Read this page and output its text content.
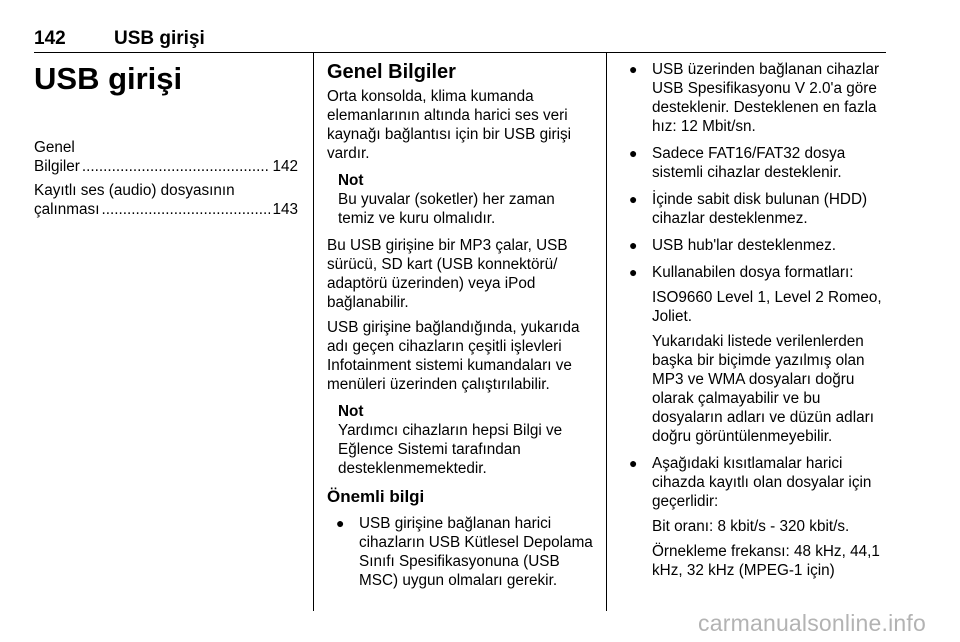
142	USB girişi
USB girişi
Genel Bilgiler .....	142
Kayıtlı ses (audio) dosyasının
çalınması .....	143
Genel Bilgiler

Orta konsolda, klima kumanda elemanlarının altında harici ses veri kaynağı bağlantısı için bir USB girişi vardır.

Not
Bu yuvalar (soketler) her zaman temiz ve kuru olmalıdır.

Bu USB girişine bir MP3 çalar, USB sürücü, SD kart (USB konnektörü/ adaptörü üzerinden) veya iPod bağlanabilir.

USB girişine bağlandığında, yukarıda adı geçen cihazların çeşitli işlevleri Infotainment sistemi kumandaları ve menüleri üzerinden çalıştırılabilir.

Not
Yardımcı cihazların hepsi Bilgi ve Eğlence Sistemi tarafından desteklenmemektedir.
Önemli bilgi
● USB girişine bağlanan harici cihazların USB Kütlesel Depolama Sınıfı Spesifikasyonuna (USB MSC) uygun olmaları gerekir.
● USB üzerinden bağlanan cihazlar USB Spesifikasyonu V 2.0'a göre desteklenir. Desteklenen en fazla hız: 12 Mbit/sn.
● Sadece FAT16/FAT32 dosya sistemli cihazlar desteklenir.
● İçinde sabit disk bulunan (HDD) cihazlar desteklenmez.
● USB hub'lar desteklenmez.
● Kullanabilen dosya formatları:
ISO9660 Level 1, Level 2 Romeo, Joliet.
Yukarıdaki listede verilenlerden başka bir biçimde yazılmış olan MP3 ve WMA dosyaları doğru olarak çalmayabilir ve bu dosyaların adları ve düzün adları doğru görüntülenmeyebilir.
● Aşağıdaki kısıtlamalar harici cihazda kayıtlı olan dosyalar için geçerlidir:
Bit oranı: 8 kbit/s - 320 kbit/s.
Örnekleme frekansı: 48 kHz, 44,1 kHz, 32 kHz (MPEG-1 için)
carmanualsonline.info
